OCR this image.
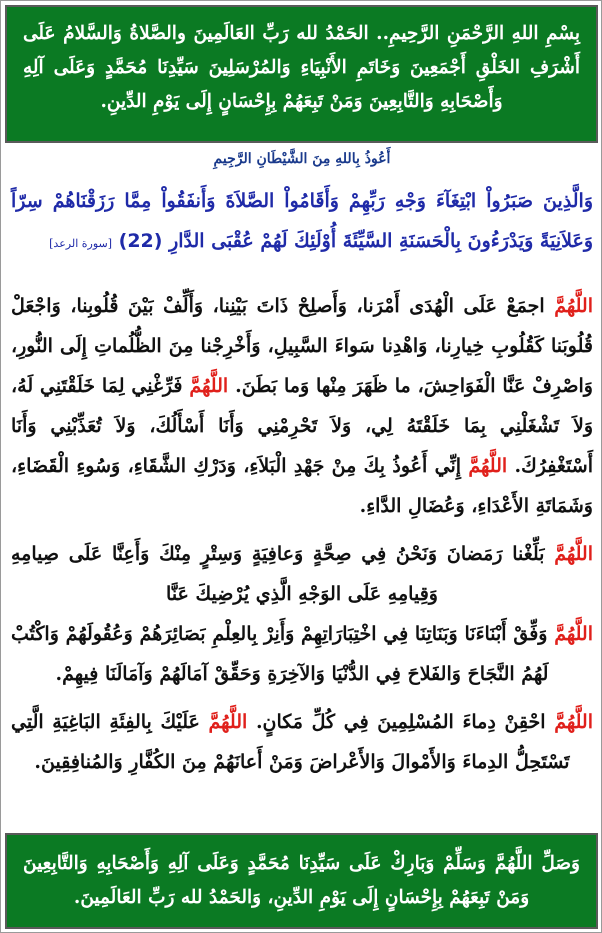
بِسْمِ اللهِ الرَّحْمَنِ الرَّحِيمِ.. الحَمْدُ لله رَبِّ العَالَمِينَ والصَّلاةُ وَالسَّلامُ عَلَى أَشْرَفِ الخَلْقِ أَجْمَعِينَ وَخَاتَمِ الأَنْبِيَاءِ وَالمُرْسَلِينَ سَيِّدِنَا مُحَمَّدٍ وَعَلَى آلِهِ وَأَصْحَابِهِ وَالتَّابِعِينَ وَمَنْ تَبِعَهُمْ بِإِحْسَانٍ إِلَى يَوْمِ الدِّينِ.
أَعُوذُ بِاللهِ مِنَ الشَّيْطَانِ الرَّجِيمِ
وَالَّذِينَ صَبَرُواْ ابْتِغَآءَ وَجْهِ رَبِّهِمْ وَأَقَامُواْ الصَّلاَةَ وَأَنفَقُواْ مِمَّا رَزَقْنَاهُمْ سِرّاً وَعَلاَنِيَةً وَيَدْرَءُونَ بِالْحَسَنَةِ السَّيِّئَةَ أُوْلَئِكَ لَهُمْ عُقْبَى الدَّارِ (22) [سورة الرعد]

اللَّهُمَّ اجمَعْ عَلَى الْهُدَى أَمْرَنا، وَأَصلِحْ ذَاتَ بَيْنِنا، وَأَلِّفْ بَيْنَ قُلُوبِنا، وَاجْعَلْ قُلُوبَنا كَقُلُوبِ خِيارِنا، وَاهْدِنا سَواءَ السَّبِيلِ، وَأَخْرِجْنا مِنَ الظُّلُماتِ إِلَى النُّورِ، وَاصْرِفْ عَنَّا الْفَوَاحِشَ، ما ظَهَرَ مِنْها وَما بَطَنَ. اللَّهُمَّ فَرِّغْنِي لِمَا خَلَقْتَنِي لَهُ، وَلاَ تَشْغَلْنِي بِمَا خَلَقْتَهُ لِي، وَلاَ تَحْرِمْنِي وَأَنَا أَسْأَلُكَ، وَلاَ تُعَذِّبْنِي وَأَنَا أَسْتَغْفِرُكَ. اللَّهُمَّ إِنِّي أَعُوذُ بِكَ مِنْ جَهْدِ الْبَلاَءِ، وَدَرْكِ الشَّقَاءِ، وَسُوءِ الْقَضَاءِ، وَشَمَاتَةِ الأَعْدَاءِ، وَعُضَالِ الدَّاءِ.

اللَّهُمَّ بَلِّغْنا رَمَضانَ وَنَحْنُ فِي صِحَّةٍ وَعافِيَةٍ وَسِتْرٍ مِنْكَ وَأَعِنَّا عَلَى صِيامِهِ وَقِيامِهِ عَلَى الوَجْهِ الَّذِي يُرْضِيكَ عَنَّا

اللَّهُمَّ وَفِّقْ أَبْنَاءَنَا وَبَنَاتِنَا فِي اخْتِبَارَاتِهِمْ وَأَنِرْ بِالعِلْمِ بَصَائِرَهُمْ وَعُقُولَهُمْ وَاكْتُبْ لَهُمُ النَّجَاحَ وَالفَلاحَ فِي الدُّنْيَا وَالآخِرَةِ وَحَقِّقْ آمَالَهُمْ وَآمَالَنَا فِيهِمْ.

اللَّهُمَّ احْقِنْ دِماءَ المُسْلِمِينَ فِي كُلِّ مَكانٍ. اللَّهُمَّ عَلَيْكَ بِالفِئَةِ البَاغِيَةِ الَّتِي تَسْتَحِلُّ الدِماءَ وَالأَمْوالَ وَالأَعْراضَ وَمَنْ أَعانَهُمْ مِنَ الكُفَّارِ وَالمُنافِقِينَ.

وَصَلِّ اللَّهُمَّ وَسَلِّمْ وَبَارِكْ عَلَى سَيِّدِنَا مُحَمَّدٍ وَعَلَى آلِهِ وَأَصْحَابِهِ وَالتَّابِعِينَ وَمَنْ تَبِعَهُمْ بِإِحْسَانٍ إِلَى يَوْمِ الدِّينِ، وَالحَمْدُ لله رَبِّ العَالَمِينَ.
